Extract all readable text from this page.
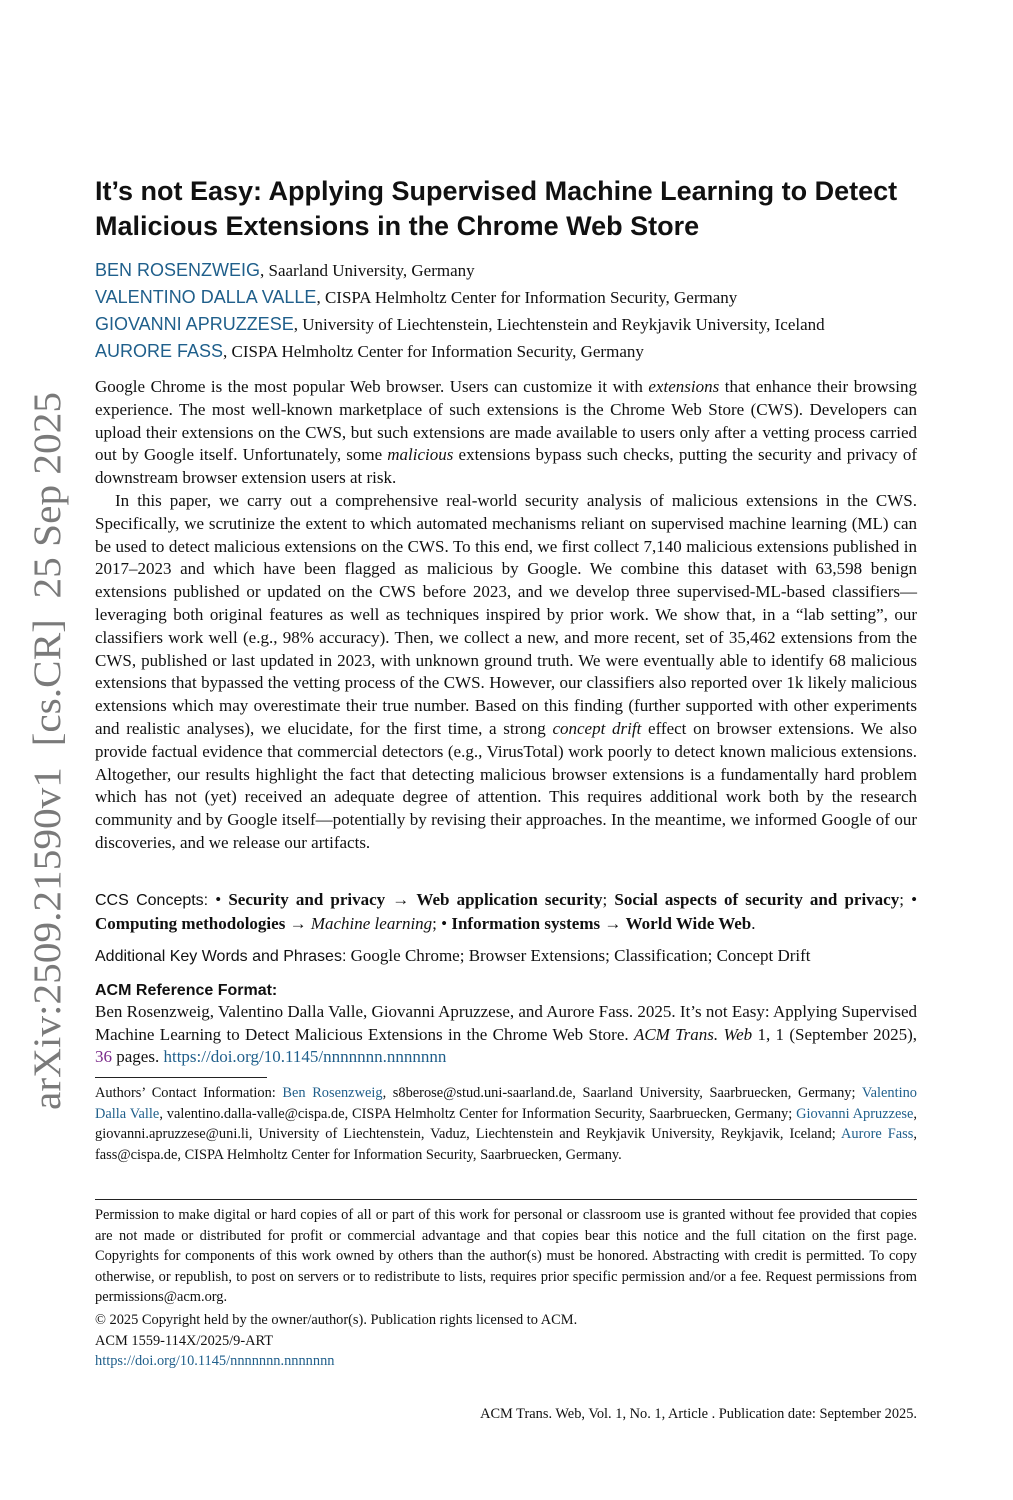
arXiv:2509.21590v1  [cs.CR]  25 Sep 2025
It’s not Easy: Applying Supervised Machine Learning to Detect Malicious Extensions in the Chrome Web Store
BEN ROSENZWEIG, Saarland University, Germany
VALENTINO DALLA VALLE, CISPA Helmholtz Center for Information Security, Germany
GIOVANNI APRUZZESE, University of Liechtenstein, Liechtenstein and Reykjavik University, Iceland
AURORE FASS, CISPA Helmholtz Center for Information Security, Germany

Google Chrome is the most popular Web browser. Users can customize it with extensions that enhance their browsing experience. The most well-known marketplace of such extensions is the Chrome Web Store (CWS). Developers can upload their extensions on the CWS, but such extensions are made available to users only after a vetting process carried out by Google itself. Unfortunately, some malicious extensions bypass such checks, putting the security and privacy of downstream browser extension users at risk.

In this paper, we carry out a comprehensive real-world security analysis of malicious extensions in the CWS. Specifically, we scrutinize the extent to which automated mechanisms reliant on supervised machine learning (ML) can be used to detect malicious extensions on the CWS. To this end, we first collect 7,140 malicious extensions published in 2017–2023 and which have been flagged as malicious by Google. We combine this dataset with 63,598 benign extensions published or updated on the CWS before 2023, and we develop three supervised-ML-based classifiers—leveraging both original features as well as techniques inspired by prior work. We show that, in a “lab setting”, our classifiers work well (e.g., 98% accuracy). Then, we collect a new, and more recent, set of 35,462 extensions from the CWS, published or last updated in 2023, with unknown ground truth. We were eventually able to identify 68 malicious extensions that bypassed the vetting process of the CWS. However, our classifiers also reported over 1k likely malicious extensions which may overestimate their true number. Based on this finding (further supported with other experiments and realistic analyses), we elucidate, for the first time, a strong concept drift effect on browser extensions. We also provide factual evidence that commercial detectors (e.g., VirusTotal) work poorly to detect known malicious extensions. Altogether, our results highlight the fact that detecting malicious browser extensions is a fundamentally hard problem which has not (yet) received an adequate degree of attention. This requires additional work both by the research community and by Google itself—potentially by revising their approaches. In the meantime, we informed Google of our discoveries, and we release our artifacts.

CCS Concepts: • Security and privacy → Web application security; Social aspects of security and privacy; • Computing methodologies → Machine learning; • Information systems → World Wide Web.
Additional Key Words and Phrases: Google Chrome; Browser Extensions; Classification; Concept Drift
ACM Reference Format:
Ben Rosenzweig, Valentino Dalla Valle, Giovanni Apruzzese, and Aurore Fass. 2025. It’s not Easy: Applying Supervised Machine Learning to Detect Malicious Extensions in the Chrome Web Store. ACM Trans. Web 1, 1 (September 2025), 36 pages. https://doi.org/10.1145/nnnnnnn.nnnnnnn
Authors’ Contact Information: Ben Rosenzweig, s8berose@stud.uni-saarland.de, Saarland University, Saarbruecken, Germany; Valentino Dalla Valle, valentino.dalla-valle@cispa.de, CISPA Helmholtz Center for Information Security, Saarbruecken, Germany; Giovanni Apruzzese, giovanni.apruzzese@uni.li, University of Liechtenstein, Vaduz, Liechtenstein and Reykjavik University, Reykjavik, Iceland; Aurore Fass, fass@cispa.de, CISPA Helmholtz Center for Information Security, Saarbruecken, Germany.
Permission to make digital or hard copies of all or part of this work for personal or classroom use is granted without fee provided that copies are not made or distributed for profit or commercial advantage and that copies bear this notice and the full citation on the first page. Copyrights for components of this work owned by others than the author(s) must be honored. Abstracting with credit is permitted. To copy otherwise, or republish, to post on servers or to redistribute to lists, requires prior specific permission and/or a fee. Request permissions from permissions@acm.org.
© 2025 Copyright held by the owner/author(s). Publication rights licensed to ACM.
ACM 1559-114X/2025/9-ART
https://doi.org/10.1145/nnnnnnn.nnnnnnn
ACM Trans. Web, Vol. 1, No. 1, Article . Publication date: September 2025.
